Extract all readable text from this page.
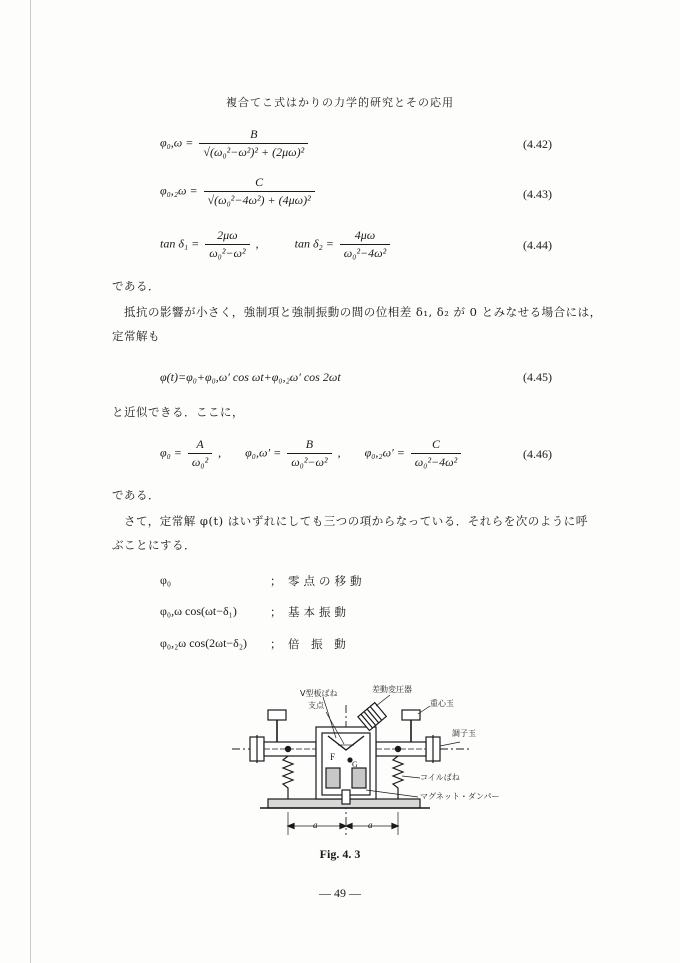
複合てこ式はかりの力学的研究とその応用
$\varphi_0,\omega = \frac{B}{\text{√(ω₀²−ω²)² + (2μω)²}}$	(4.42)
$\varphi_0,_2\omega = \frac{C}{\text{√(ω₀²−4ω²) + (4μω)²}}$	(4.43)
$\tan \delta_1 = \frac{2\mu\omega}{\text{ω₀²−ω²}}$ ,	$\tan \delta_2 = \frac{4\mu\omega}{\text{ω₀²−4ω²}}$	(4.44)
である．
抵抗の影響が小さく，強制項と強制振動の間の位相差 δ₁, δ₂ が 0 とみなせる場合には，
定常解も
φ(t)=φ₀+φ₀,ω′ cos ωt+φ₀,₂ω′ cos 2ωt	(4.45)
と近似できる．ここに，
$\varphi_0 = \frac{A}{\text{ω₀²}}$ , $\varphi_0,\omega' = \frac{B}{\text{ω₀²−ω²}}$ , $\varphi_0,_2\omega' = \frac{C}{\text{ω₀²−4ω²}}$	(4.46)
である．
さて，定常解 φ(t) はいずれにしても三つの項からなっている．それらを次のように呼
ぶことにする．
φ₀	； 零点の移動
φ₀,ω cos(ωt−δ₁)	； 基本振動
φ₀,₂ω cos(2ωt−δ₂) ； 倍 振 動
V型板ばね
支点
差動変圧器
重心玉
調子玉
コイルばね
マグネット・ダンパー
F
G
a	a
Fig. 4. 3
— 49 —
